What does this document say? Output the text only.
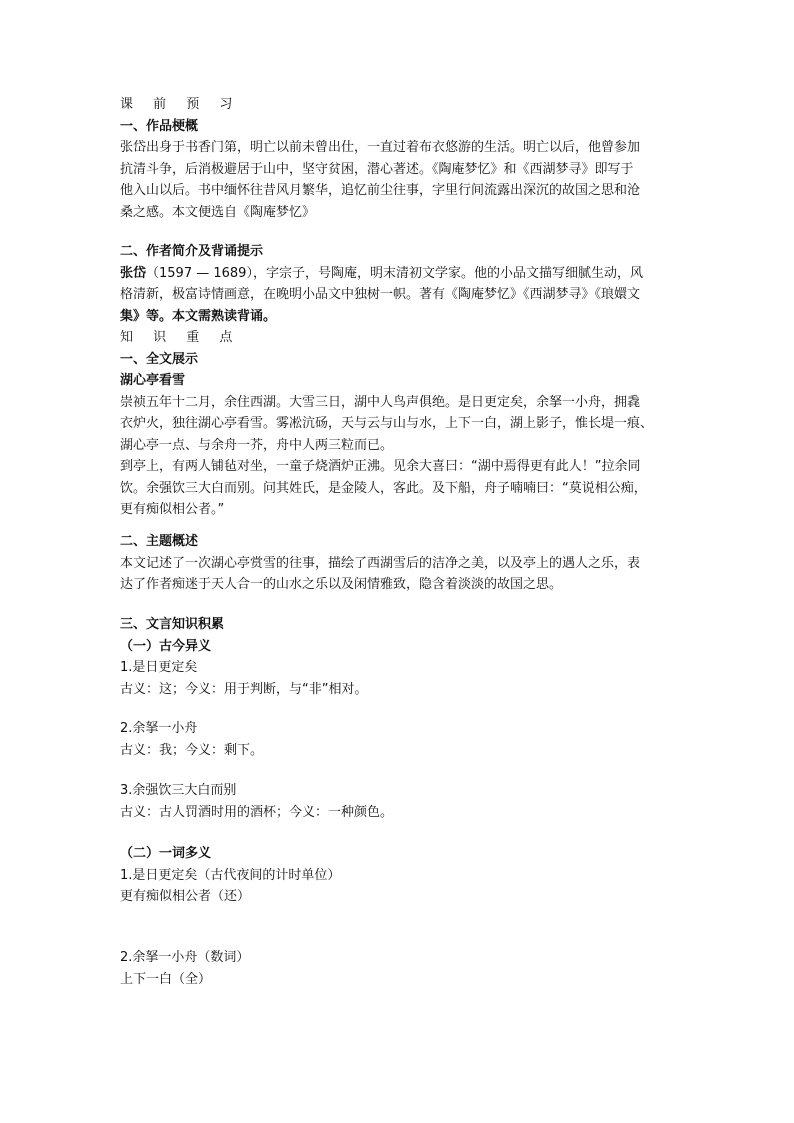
课 前 预 习
一、作品梗概
张岱出身于书香门第，明亡以前未曾出仕，一直过着布衣悠游的生活。明亡以后，他曾参加
抗清斗争，后消极避居于山中，坚守贫困，潜心著述。《陶庵梦忆》和《西湖梦寻》即写于
他入山以后。书中缅怀往昔风月繁华，追忆前尘往事，字里行间流露出深沉的故国之思和沧
桑之感。本文便选自《陶庵梦忆》
二、作者简介及背诵提示
张岱（1597 — 1689），字宗子，号陶庵，明末清初文学家。他的小品文描写细腻生动，风
格清新，极富诗情画意，在晚明小品文中独树一帜。著有《陶庵梦忆》《西湖梦寻》《琅嬛文
集》等。本文需熟读背诵。
知 识 重 点
一、全文展示
湖心亭看雪
崇祯五年十二月，余住西湖。大雪三日，湖中人鸟声俱绝。是日更定矣，余拏一小舟，拥毳
衣炉火，独往湖心亭看雪。雾凇沆砀，天与云与山与水，上下一白，湖上影子，惟长堤一痕、
湖心亭一点、与余舟一芥，舟中人两三粒而已。
到亭上，有两人铺毡对坐，一童子烧酒炉正沸。见余大喜曰：“湖中焉得更有此人！”拉余同
饮。余强饮三大白而别。问其姓氏，是金陵人，客此。及下船，舟子喃喃曰：“莫说相公痴，
更有痴似相公者。”
二、主题概述
本文记述了一次湖心亭赏雪的往事，描绘了西湖雪后的洁净之美，以及亭上的遇人之乐，表
达了作者痴迷于天人合一的山水之乐以及闲情雅致，隐含着淡淡的故国之思。
三、文言知识积累
（一）古今异义
1.是日更定矣
古义：这；今义：用于判断，与“非”相对。
2.余拏一小舟
古义：我；今义：剩下。
3.余强饮三大白而别
古义：古人罚酒时用的酒杯；今义：一种颜色。
（二）一词多义
1.是日更定矣（古代夜间的计时单位）
更有痴似相公者（还）
2.余拏一小舟（数词）
上下一白（全）
